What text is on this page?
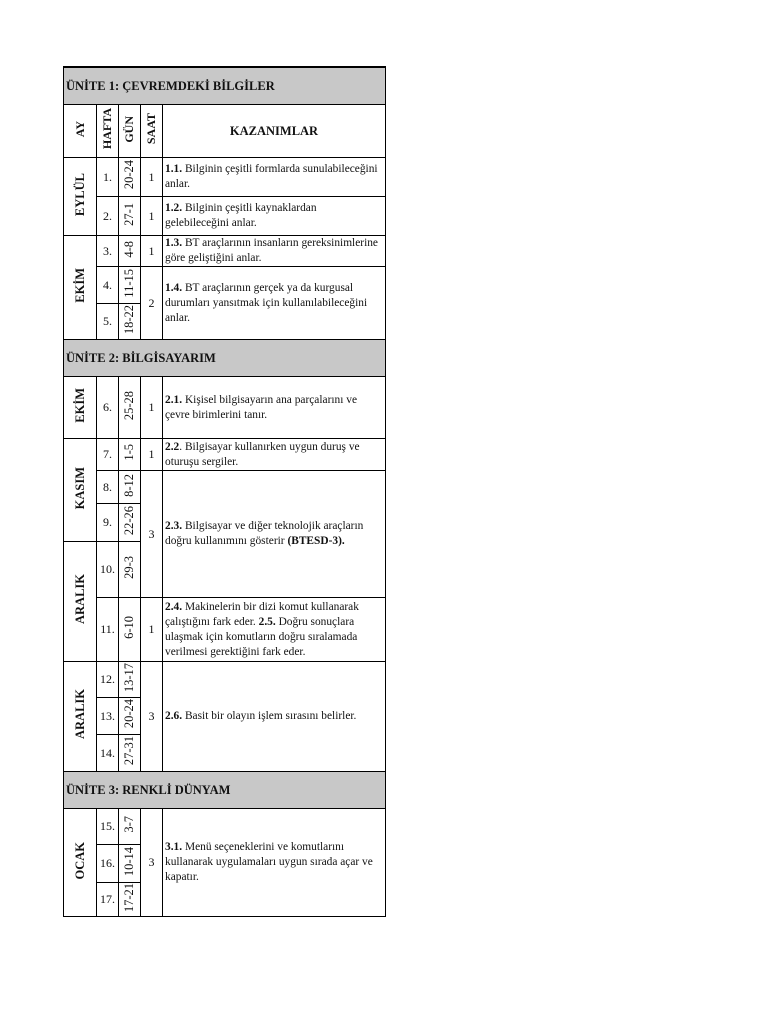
ÜNİTE 1: ÇEVREMDEKİ BİLGİLER				
AY	HAFTA	GÜN	SAAT	KAZANIMLAR
EYLÜL	1.	20-24	1	1.1. Bilginin çeşitli formlarda sunulabileceğini anlar.
	2.	27-1	1	1.2. Bilginin çeşitli kaynaklardan gelebileceğini anlar.
EKİM	3.	4-8	1	1.3. BT araçlarının insanların gereksinimlerine göre geliştiğini anlar.
	4.	11-15	2	1.4. BT araçlarının gerçek ya da kurgusal durumları yansıtmak için kullanılabileceğini anlar.
	5.	18-22		
ÜNİTE 2: BİLGİSAYARIM				
EKİM	6.	25-28	1	2.1. Kişisel bilgisayarın ana parçalarını ve çevre birimlerini tanır.
KASIM	7.	1-5	1	2.2. Bilgisayar kullanırken uygun duruş ve oturuşu sergiler.
	8.	8-12	3	2.3. Bilgisayar ve diğer teknolojik araçların doğru kullanımını gösterir (BTESD-3).
	9.	22-26		
ARALIK	10.	29-3		
	11.	6-10	1	2.4. Makinelerin bir dizi komut kullanarak çalıştığını fark eder. 2.5. Doğru sonuçlara ulaşmak için komutların doğru sıralamada verilmesi gerektiğini fark eder.
ARALIK	12.	13-17	3	2.6. Basit bir olayın işlem sırasını belirler.
	13.	20-24		
	14.	27-31		
ÜNİTE 3: RENKLİ DÜNYAM				
OCAK	15.	3-7	3	3.1. Menü seçeneklerini ve komutlarını kullanarak uygulamaları uygun sırada açar ve kapatır.
	16.	10-14		
	17.	17-21		
